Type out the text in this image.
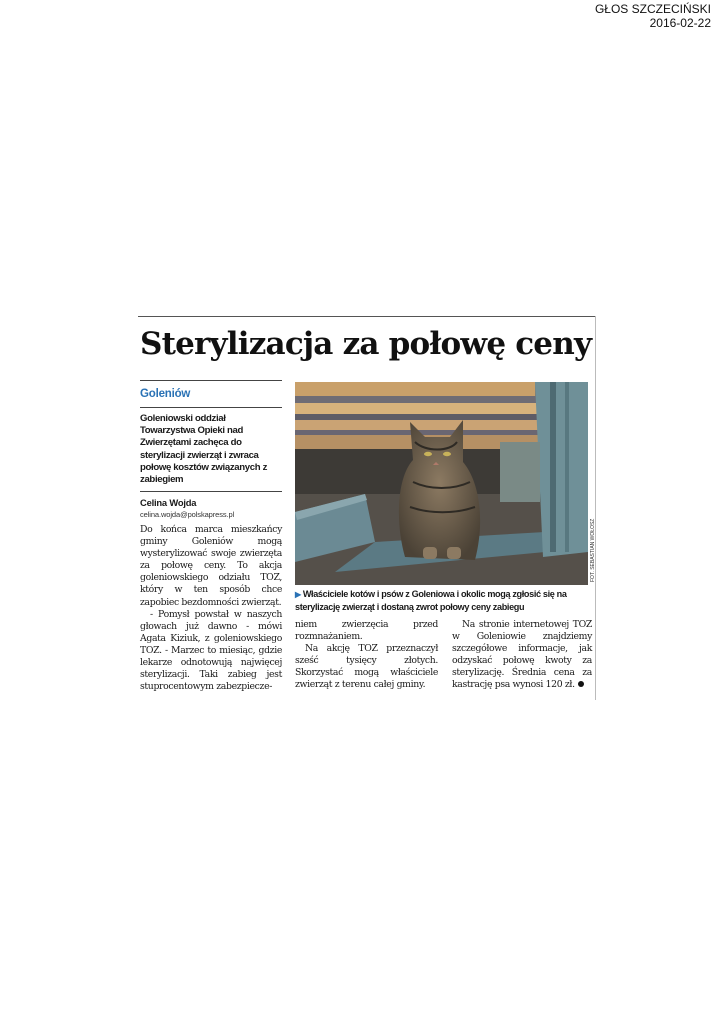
GŁOS SZCZECIŃSKI
2016-02-22
Sterylizacja za połowę ceny
Goleniów
Goleniowski oddział Towarzystwa Opieki nad Zwierzętami zachęca do sterylizacji zwierząt i zwraca połowę kosztów związanych z zabiegiem
Celina Wojda
celina.wojda@polskapress.pl

Do końca marca mieszkańcy gminy Goleniów mogą wysterylizować swoje zwierzęta za połowę ceny. To akcja goleniowskiego odziału TOZ, który w ten sposób chce zapobiec bezdomności zwierząt.

- Pomysł powstał w naszych głowach już dawno - mówi Agata Kiziuk, z goleniowskiego TOZ. - Marzec to miesiąc, gdzie lekarze odnotowują najwięcej sterylizacji. Taki zabieg jest stuprocentowym zabezpiecze-

FOT. SEBASTIAN WOŁOSZ
▶ Właściciele kotów i psów z Goleniowa i okolic mogą zgłosić się na sterylizację zwierząt i dostaną zwrot połowy ceny zabiegu

niem zwierzęcia przed rozmnażaniem.

Na akcję TOZ przeznaczył sześć tysięcy złotych. Skorzystać mogą właściciele zwierząt z terenu całej gminy.

Na stronie internetowej TOZ w Goleniowie znajdziemy szczegółowe informacje, jak odzyskać połowę kwoty za sterylizację. Średnia cena za kastrację psa wynosi 120 zł.
